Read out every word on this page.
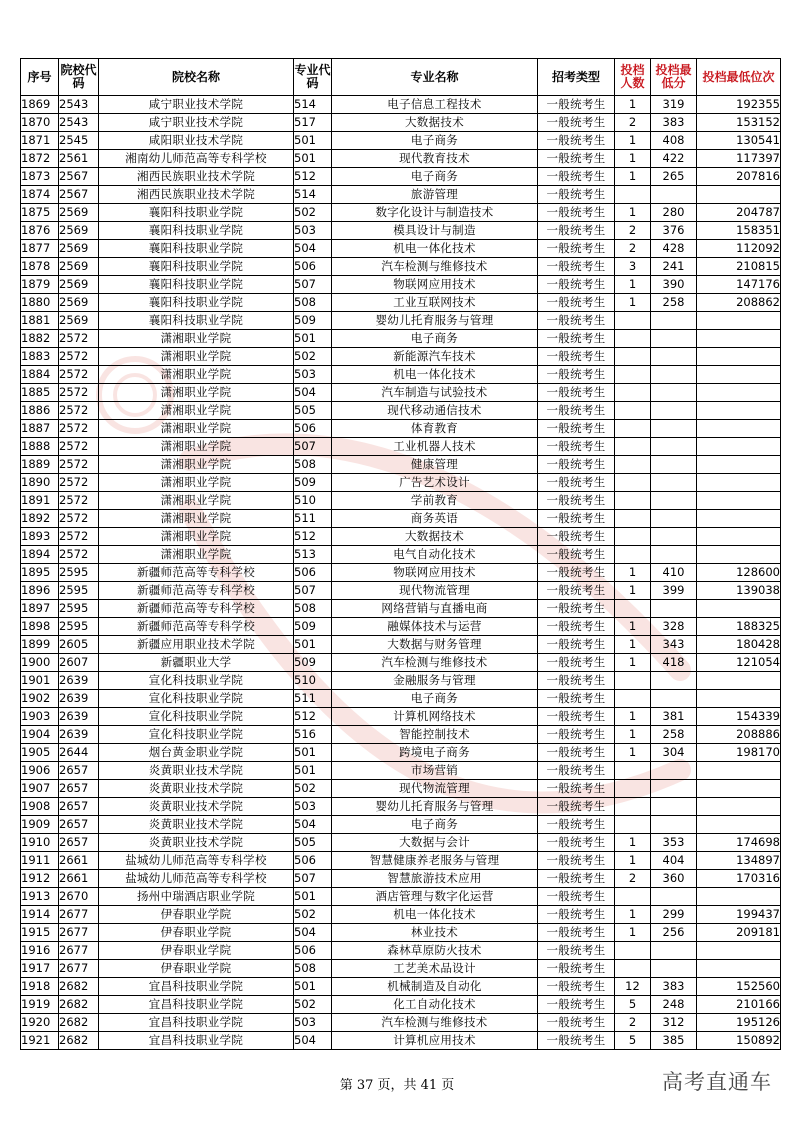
序号	院校代码	院校名称	专业代码	专业名称	招考类型	投档人数	投档最低分	投档最低位次
1869	2543	咸宁职业技术学院	514	电子信息工程技术	一般统考生	1	319	192355
1870	2543	咸宁职业技术学院	517	大数据技术	一般统考生	2	383	153152
1871	2545	咸阳职业技术学院	501	电子商务	一般统考生	1	408	130541
1872	2561	湘南幼儿师范高等专科学校	501	现代教育技术	一般统考生	1	422	117397
1873	2567	湘西民族职业技术学院	512	电子商务	一般统考生	1	265	207816
1874	2567	湘西民族职业技术学院	514	旅游管理	一般统考生			
1875	2569	襄阳科技职业学院	502	数字化设计与制造技术	一般统考生	1	280	204787
1876	2569	襄阳科技职业学院	503	模具设计与制造	一般统考生	2	376	158351
1877	2569	襄阳科技职业学院	504	机电一体化技术	一般统考生	2	428	112092
1878	2569	襄阳科技职业学院	506	汽车检测与维修技术	一般统考生	3	241	210815
1879	2569	襄阳科技职业学院	507	物联网应用技术	一般统考生	1	390	147176
1880	2569	襄阳科技职业学院	508	工业互联网技术	一般统考生	1	258	208862
1881	2569	襄阳科技职业学院	509	婴幼儿托育服务与管理	一般统考生			
1882	2572	潇湘职业学院	501	电子商务	一般统考生			
1883	2572	潇湘职业学院	502	新能源汽车技术	一般统考生			
1884	2572	潇湘职业学院	503	机电一体化技术	一般统考生			
1885	2572	潇湘职业学院	504	汽车制造与试验技术	一般统考生			
1886	2572	潇湘职业学院	505	现代移动通信技术	一般统考生			
1887	2572	潇湘职业学院	506	体育教育	一般统考生			
1888	2572	潇湘职业学院	507	工业机器人技术	一般统考生			
1889	2572	潇湘职业学院	508	健康管理	一般统考生			
1890	2572	潇湘职业学院	509	广告艺术设计	一般统考生			
1891	2572	潇湘职业学院	510	学前教育	一般统考生			
1892	2572	潇湘职业学院	511	商务英语	一般统考生			
1893	2572	潇湘职业学院	512	大数据技术	一般统考生			
1894	2572	潇湘职业学院	513	电气自动化技术	一般统考生			
1895	2595	新疆师范高等专科学校	506	物联网应用技术	一般统考生	1	410	128600
1896	2595	新疆师范高等专科学校	507	现代物流管理	一般统考生	1	399	139038
1897	2595	新疆师范高等专科学校	508	网络营销与直播电商	一般统考生			
1898	2595	新疆师范高等专科学校	509	融媒体技术与运营	一般统考生	1	328	188325
1899	2605	新疆应用职业技术学院	501	大数据与财务管理	一般统考生	1	343	180428
1900	2607	新疆职业大学	509	汽车检测与维修技术	一般统考生	1	418	121054
1901	2639	宣化科技职业学院	510	金融服务与管理	一般统考生			
1902	2639	宣化科技职业学院	511	电子商务	一般统考生			
1903	2639	宣化科技职业学院	512	计算机网络技术	一般统考生	1	381	154339
1904	2639	宣化科技职业学院	516	智能控制技术	一般统考生	1	258	208886
1905	2644	烟台黄金职业学院	501	跨境电子商务	一般统考生	1	304	198170
1906	2657	炎黄职业技术学院	501	市场营销	一般统考生			
1907	2657	炎黄职业技术学院	502	现代物流管理	一般统考生			
1908	2657	炎黄职业技术学院	503	婴幼儿托育服务与管理	一般统考生			
1909	2657	炎黄职业技术学院	504	电子商务	一般统考生			
1910	2657	炎黄职业技术学院	505	大数据与会计	一般统考生	1	353	174698
1911	2661	盐城幼儿师范高等专科学校	506	智慧健康养老服务与管理	一般统考生	1	404	134897
1912	2661	盐城幼儿师范高等专科学校	507	智慧旅游技术应用	一般统考生	2	360	170316
1913	2670	扬州中瑞酒店职业学院	501	酒店管理与数字化运营	一般统考生			
1914	2677	伊春职业学院	502	机电一体化技术	一般统考生	1	299	199437
1915	2677	伊春职业学院	504	林业技术	一般统考生	1	256	209181
1916	2677	伊春职业学院	506	森林草原防火技术	一般统考生			
1917	2677	伊春职业学院	508	工艺美术品设计	一般统考生			
1918	2682	宜昌科技职业学院	501	机械制造及自动化	一般统考生	12	383	152560
1919	2682	宜昌科技职业学院	502	化工自动化技术	一般统考生	5	248	210166
1920	2682	宜昌科技职业学院	503	汽车检测与维修技术	一般统考生	2	312	195126
1921	2682	宜昌科技职业学院	504	计算机应用技术	一般统考生	5	385	150892
第 37 页，共 41 页	高考直通车
